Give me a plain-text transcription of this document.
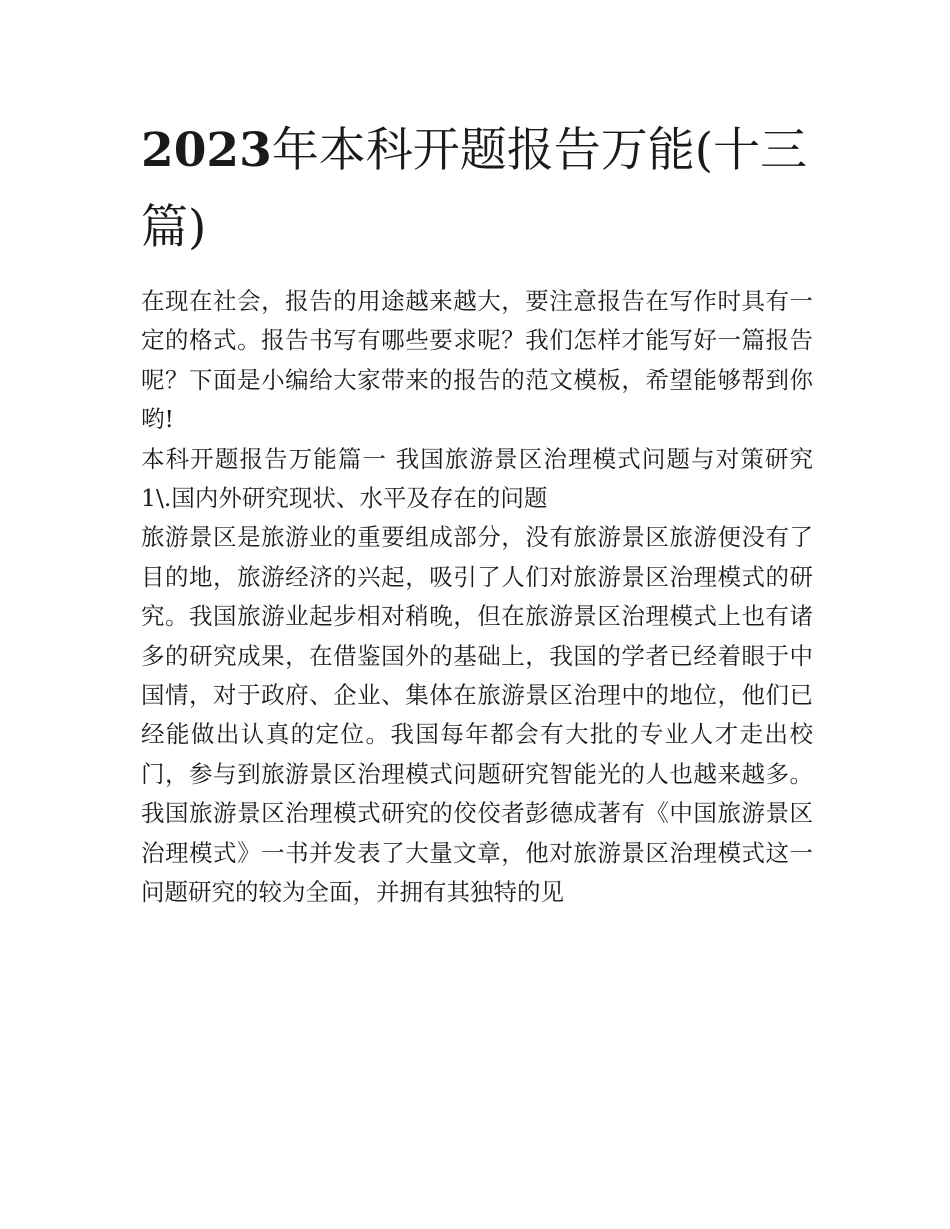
2023年本科开题报告万能(十三篇)

在现在社会，报告的用途越来越大，要注意报告在写作时具有一定的格式。报告书写有哪些要求呢？我们怎样才能写好一篇报告呢？下面是小编给大家带来的报告的范文模板，希望能够帮到你哟!

本科开题报告万能篇一 我国旅游景区治理模式问题与对策研究 1\.国内外研究现状、水平及存在的问题

旅游景区是旅游业的重要组成部分，没有旅游景区旅游便没有了目的地，旅游经济的兴起，吸引了人们对旅游景区治理模式的研究。我国旅游业起步相对稍晚，但在旅游景区治理模式上也有诸多的研究成果，在借鉴国外的基础上，我国的学者已经着眼于中国情，对于政府、企业、集体在旅游景区治理中的地位，他们已经能做出认真的定位。我国每年都会有大批的专业人才走出校门，参与到旅游景区治理模式问题研究智能光的人也越来越多。我国旅游景区治理模式研究的佼佼者彭德成著有《中国旅游景区治理模式》一书并发表了大量文章，他对旅游景区治理模式这一问题研究的较为全面，并拥有其独特的见
